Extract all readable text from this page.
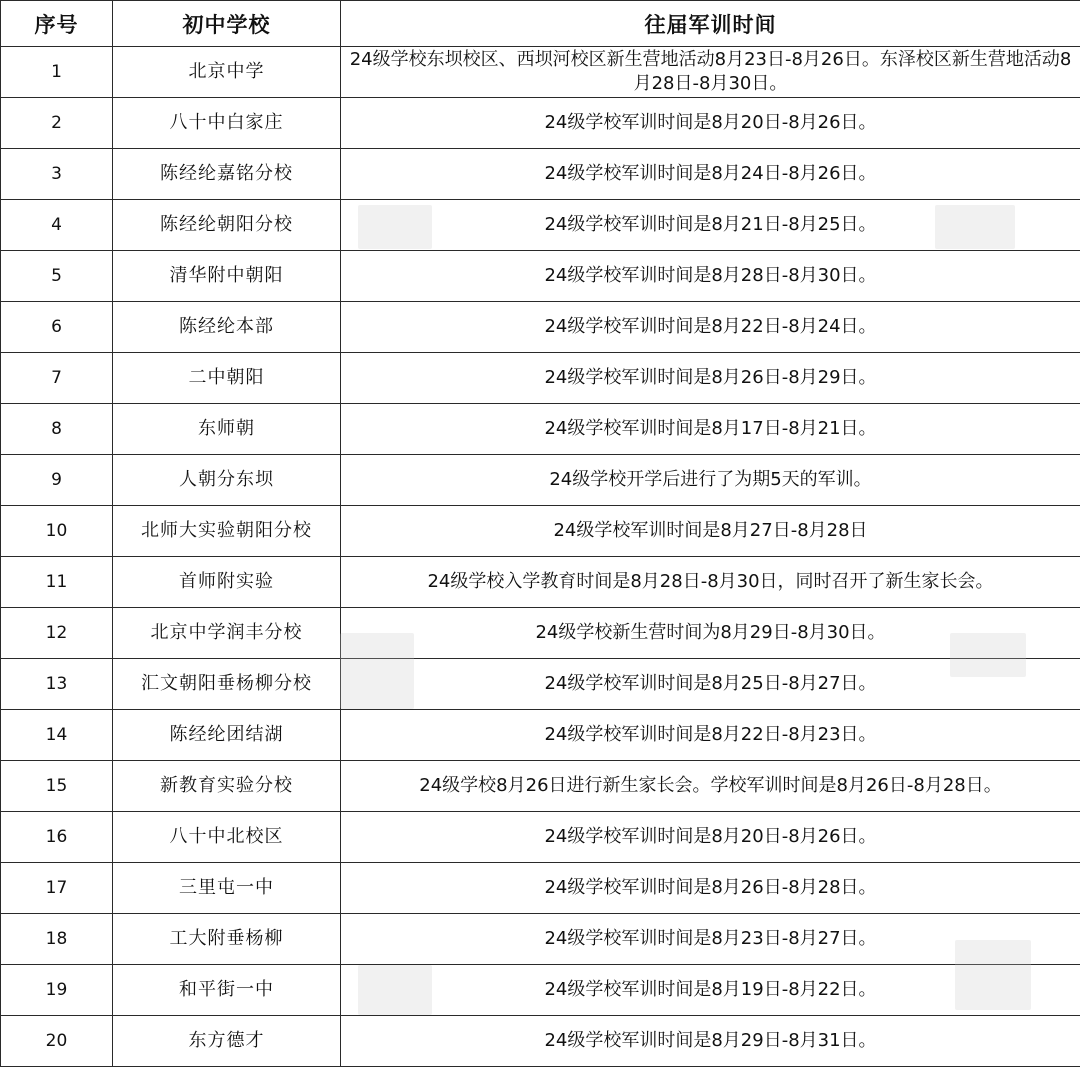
序号	初中学校	往届军训时间
1	北京中学	24级学校东坝校区、西坝河校区新生营地活动8月23日-8月26日。东泽校区新生营地活动8月28日-8月30日。
2	八十中白家庄	24级学校军训时间是8月20日-8月26日。
3	陈经纶嘉铭分校	24级学校军训时间是8月24日-8月26日。
4	陈经纶朝阳分校	24级学校军训时间是8月21日-8月25日。
5	清华附中朝阳	24级学校军训时间是8月28日-8月30日。
6	陈经纶本部	24级学校军训时间是8月22日-8月24日。
7	二中朝阳	24级学校军训时间是8月26日-8月29日。
8	东师朝	24级学校军训时间是8月17日-8月21日。
9	人朝分东坝	24级学校开学后进行了为期5天的军训。
10	北师大实验朝阳分校	24级学校军训时间是8月27日-8月28日
11	首师附实验	24级学校入学教育时间是8月28日-8月30日，同时召开了新生家长会。
12	北京中学润丰分校	24级学校新生营时间为8月29日-8月30日。
13	汇文朝阳垂杨柳分校	24级学校军训时间是8月25日-8月27日。
14	陈经纶团结湖	24级学校军训时间是8月22日-8月23日。
15	新教育实验分校	24级学校8月26日进行新生家长会。学校军训时间是8月26日-8月28日。
16	八十中北校区	24级学校军训时间是8月20日-8月26日。
17	三里屯一中	24级学校军训时间是8月26日-8月28日。
18	工大附垂杨柳	24级学校军训时间是8月23日-8月27日。
19	和平街一中	24级学校军训时间是8月19日-8月22日。
20	东方德才	24级学校军训时间是8月29日-8月31日。
